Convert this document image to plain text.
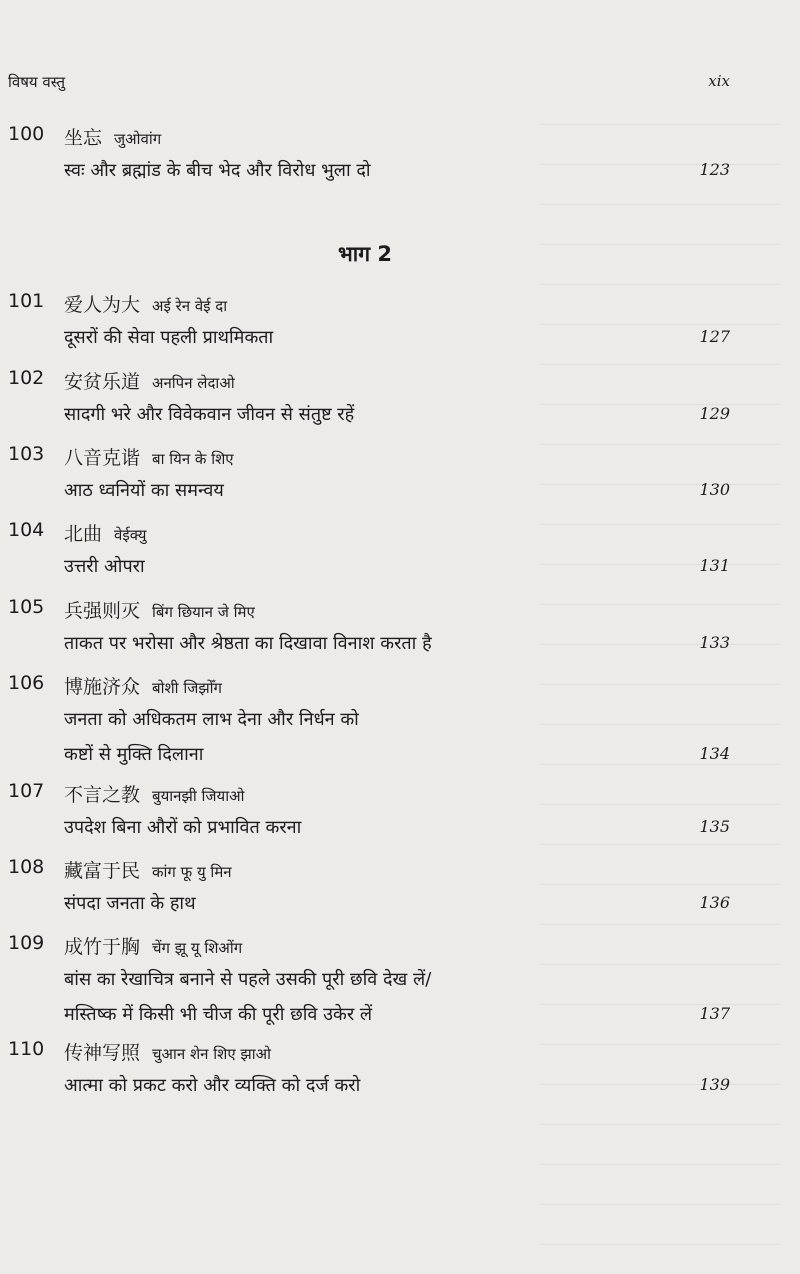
विषय वस्तु	xix
100 坐忘 जुओवांग
स्वः और ब्रह्मांड के बीच भेद और विरोध भुला दो	123
भाग 2
101 爱人为大 अई रेन वेई दा
दूसरों की सेवा पहली प्राथमिकता	127
102 安贫乐道 अनपिन लेदाओ
सादगी भरे और विवेकवान जीवन से संतुष्ट रहें	129
103 八音克谐 बा यिन के शिए
आठ ध्वनियों का समन्वय	130
104 北曲 वेईक्यु
उत्तरी ओपरा	131
105 兵强则灭 बिंग छियान जे मिए
ताकत पर भरोसा और श्रेष्ठता का दिखावा विनाश करता है	133
106 博施济众 बोशी जिझोँग
जनता को अधिकतम लाभ देना और निर्धन को
कष्टों से मुक्ति दिलाना	134
107 不言之教 बुयानझी जियाओ
उपदेश बिना औरों को प्रभावित करना	135
108 藏富于民 कांग फू यु मिन
संपदा जनता के हाथ	136
109 成竹于胸 चेंग झू यू शिओंग
बांस का रेखाचित्र बनाने से पहले उसकी पूरी छवि देख लें/
मस्तिष्क में किसी भी चीज की पूरी छवि उकेर लें	137
110 传神写照 चुआन शेन शिए झाओ
आत्मा को प्रकट करो और व्यक्ति को दर्ज करो	139
